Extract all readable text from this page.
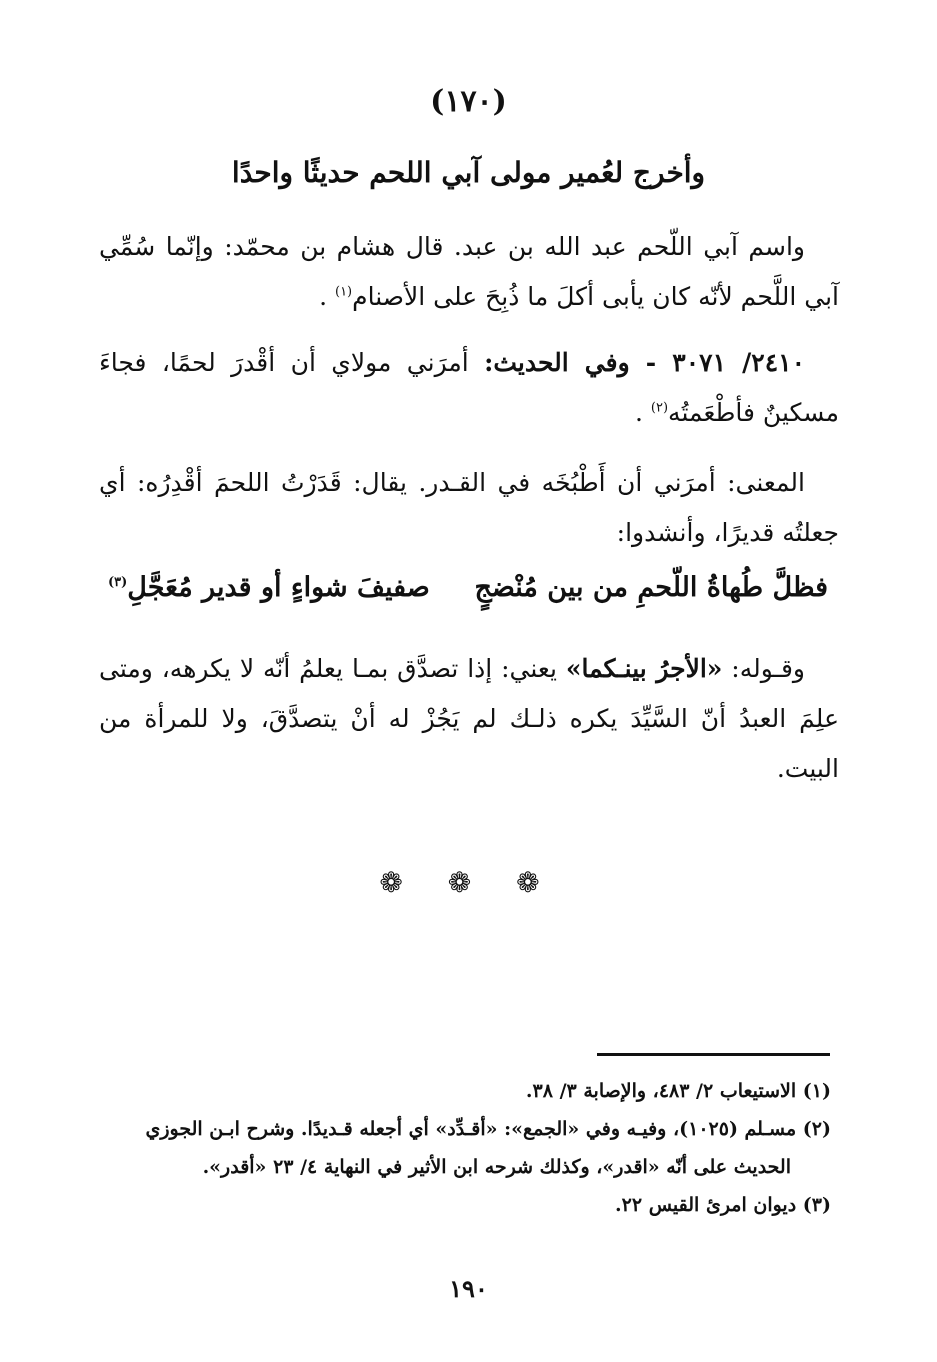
(١٧٠)
وأخرج لعُمير مولى آبي اللحم حديثًا واحدًا
واسم آبي اللّحم عبد الله بن عبد. قال هشام بن محمّد: وإنّما سُمِّي آبي اللَّحم لأنّه كان يأبى أكلَ ما ذُبِحَ على الأصنام$^{(١)}$ .
٢٤١٠/ ٣٠٧١ - وفي الحديث: أمرَني مولاي أن أقْدرَ لحمًا، فجاءَ مسكينٌ فأطْعَمتُه$^{(٢)}$ .
المعنى: أمرَني أن أَطْبُخَه في القـدر. يقال: قَدَرْتُ اللحمَ أقْدِرُه: أي جعلتُه قديرًا، وأنشدوا:
فظلَّ طُهاةُ اللّحمِ من بين مُنْضجٍ
صفيفَ شواءٍ أو قدير مُعَجَّلِ$^{(٣)}$
وقـوله: «الأجرُ بينـكما» يعني: إذا تصدَّق بمـا يعلمُ أنّه لا يكرهه، ومتى علِمَ العبدُ أنّ السَّيِّدَ يكره ذلـك لم يَجُزْ له أنْ يتصدَّقَ، ولا للمرأة من البيت.
❁ ❁ ❁
(١) الاستيعاب ٢/ ٤٨٣، والإصابة ٣/ ٣٨.
(٢) مسـلم (١٠٢٥)، وفيـه وفي «الجمع»: «أقـدِّد» أي أجعله قـديدًا. وشرح ابـن الجوزي
الحديث على أنّه «اقدر»، وكذلك شرحه ابن الأثير في النهاية ٤/ ٢٣ «أقدر».
(٣) ديوان امرئ القيس ٢٢.
١٩٠
